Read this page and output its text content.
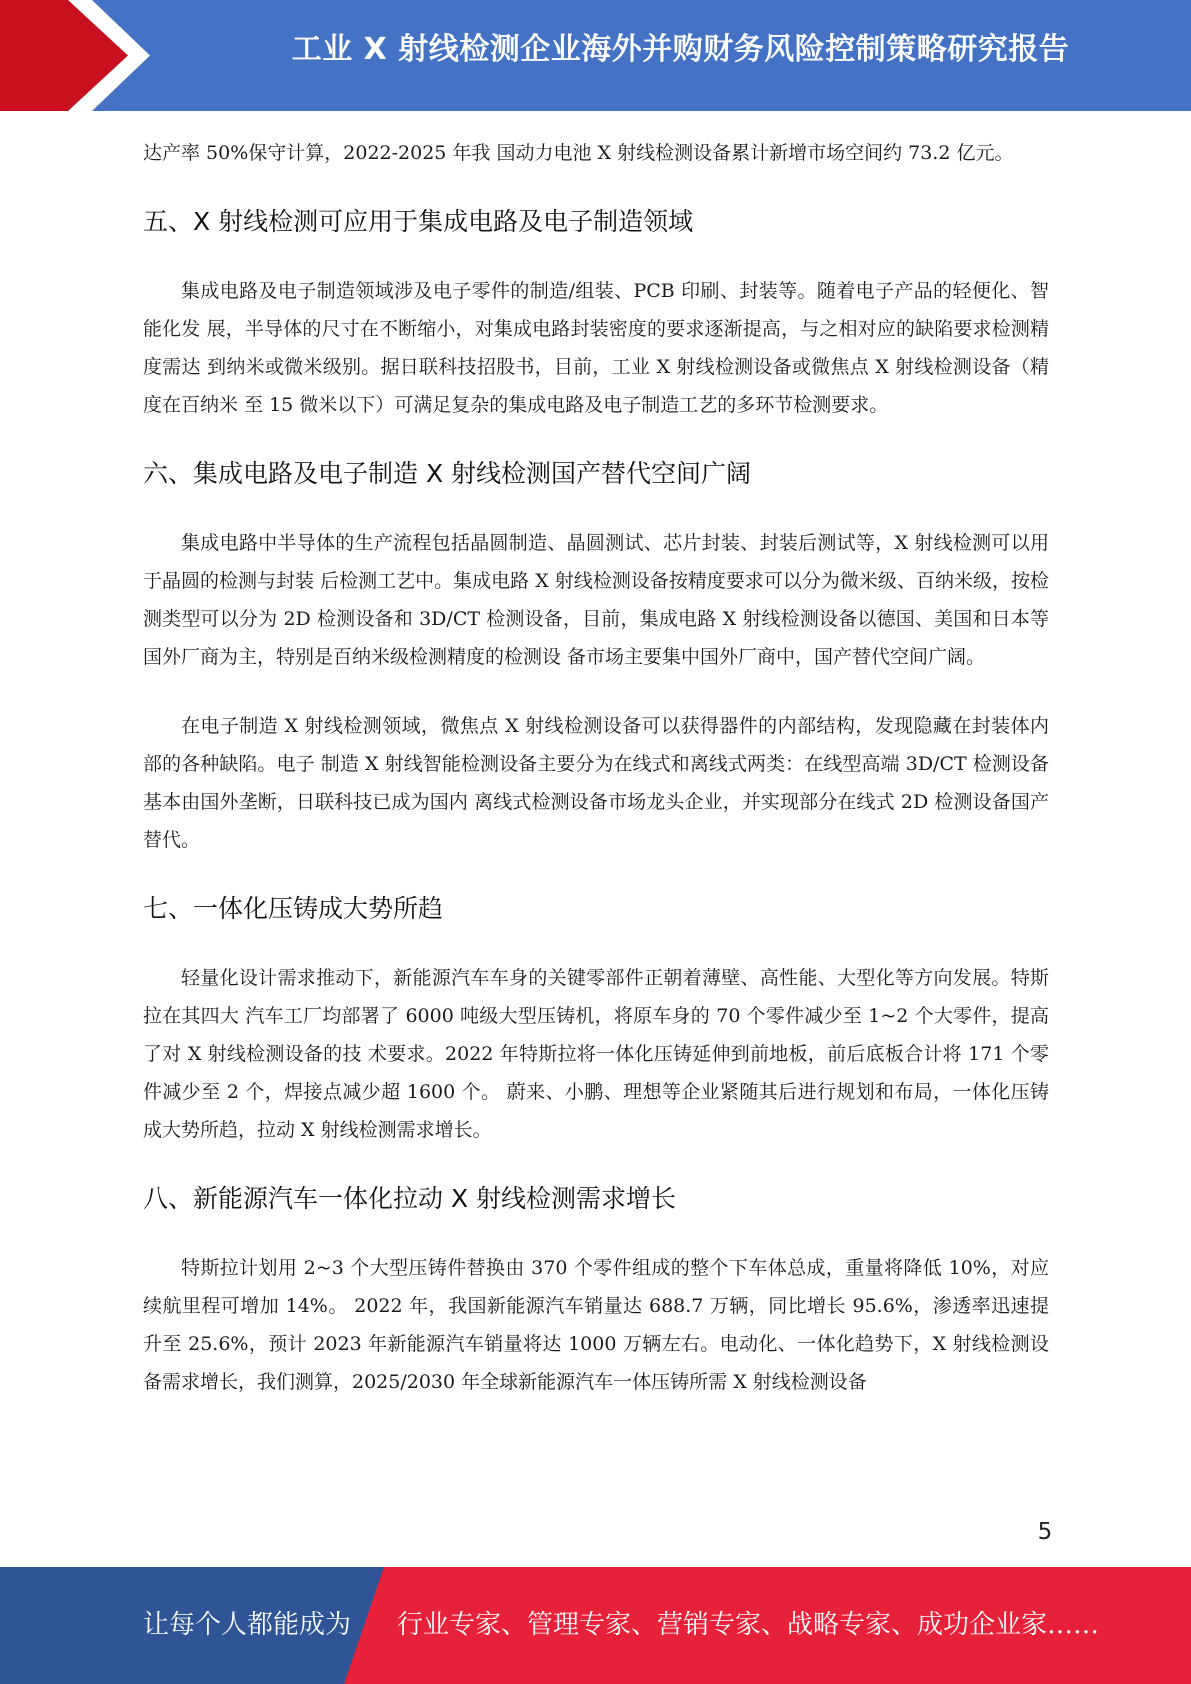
工业 X 射线检测企业海外并购财务风险控制策略研究报告

达产率 50%保守计算，2022-2025 年我 国动力电池 X 射线检测设备累计新增市场空间约 73.2 亿元。

五、X 射线检测可应用于集成电路及电子制造领域

集成电路及电子制造领域涉及电子零件的制造/组装、PCB 印刷、封装等。随着电子产品的轻便化、智能化发 展，半导体的尺寸在不断缩小，对集成电路封装密度的要求逐渐提高，与之相对应的缺陷要求检测精度需达 到纳米或微米级别。据日联科技招股书，目前，工业 X 射线检测设备或微焦点 X 射线检测设备（精度在百纳米 至 15 微米以下）可满足复杂的集成电路及电子制造工艺的多环节检测要求。

六、集成电路及电子制造 X 射线检测国产替代空间广阔

集成电路中半导体的生产流程包括晶圆制造、晶圆测试、芯片封装、封装后测试等，X 射线检测可以用于晶圆的检测与封装 后检测工艺中。集成电路 X 射线检测设备按精度要求可以分为微米级、百纳米级，按检测类型可以分为 2D 检测设备和 3D/CT 检测设备，目前，集成电路 X 射线检测设备以德国、美国和日本等国外厂商为主，特别是百纳米级检测精度的检测设 备市场主要集中国外厂商中，国产替代空间广阔。

在电子制造 X 射线检测领域，微焦点 X 射线检测设备可以获得器件的内部结构，发现隐藏在封装体内部的各种缺陷。电子 制造 X 射线智能检测设备主要分为在线式和离线式两类：在线型高端 3D/CT 检测设备基本由国外垄断，日联科技已成为国内 离线式检测设备市场龙头企业，并实现部分在线式 2D 检测设备国产替代。

七、一体化压铸成大势所趋

轻量化设计需求推动下，新能源汽车车身的关键零部件正朝着薄壁、高性能、大型化等方向发展。特斯拉在其四大 汽车工厂均部署了 6000 吨级大型压铸机，将原车身的 70 个零件减少至 1~2 个大零件，提高了对 X 射线检测设备的技 术要求。2022 年特斯拉将一体化压铸延伸到前地板，前后底板合计将 171 个零件减少至 2 个，焊接点减少超 1600 个。 蔚来、小鹏、理想等企业紧随其后进行规划和布局，一体化压铸成大势所趋，拉动 X 射线检测需求增长。

八、新能源汽车一体化拉动 X 射线检测需求增长

特斯拉计划用 2~3 个大型压铸件替换由 370 个零件组成的整个下车体总成，重量将降低 10%，对应续航里程可增加 14%。 2022 年，我国新能源汽车销量达 688.7 万辆，同比增长 95.6%，渗透率迅速提升至 25.6%，预计 2023 年新能源汽车销量将达 1000 万辆左右。电动化、一体化趋势下，X 射线检测设备需求增长，我们测算，2025/2030 年全球新能源汽车一体压铸所需 X 射线检测设备

5
让每个人都能成为 行业专家、管理专家、营销专家、战略专家、成功企业家……
